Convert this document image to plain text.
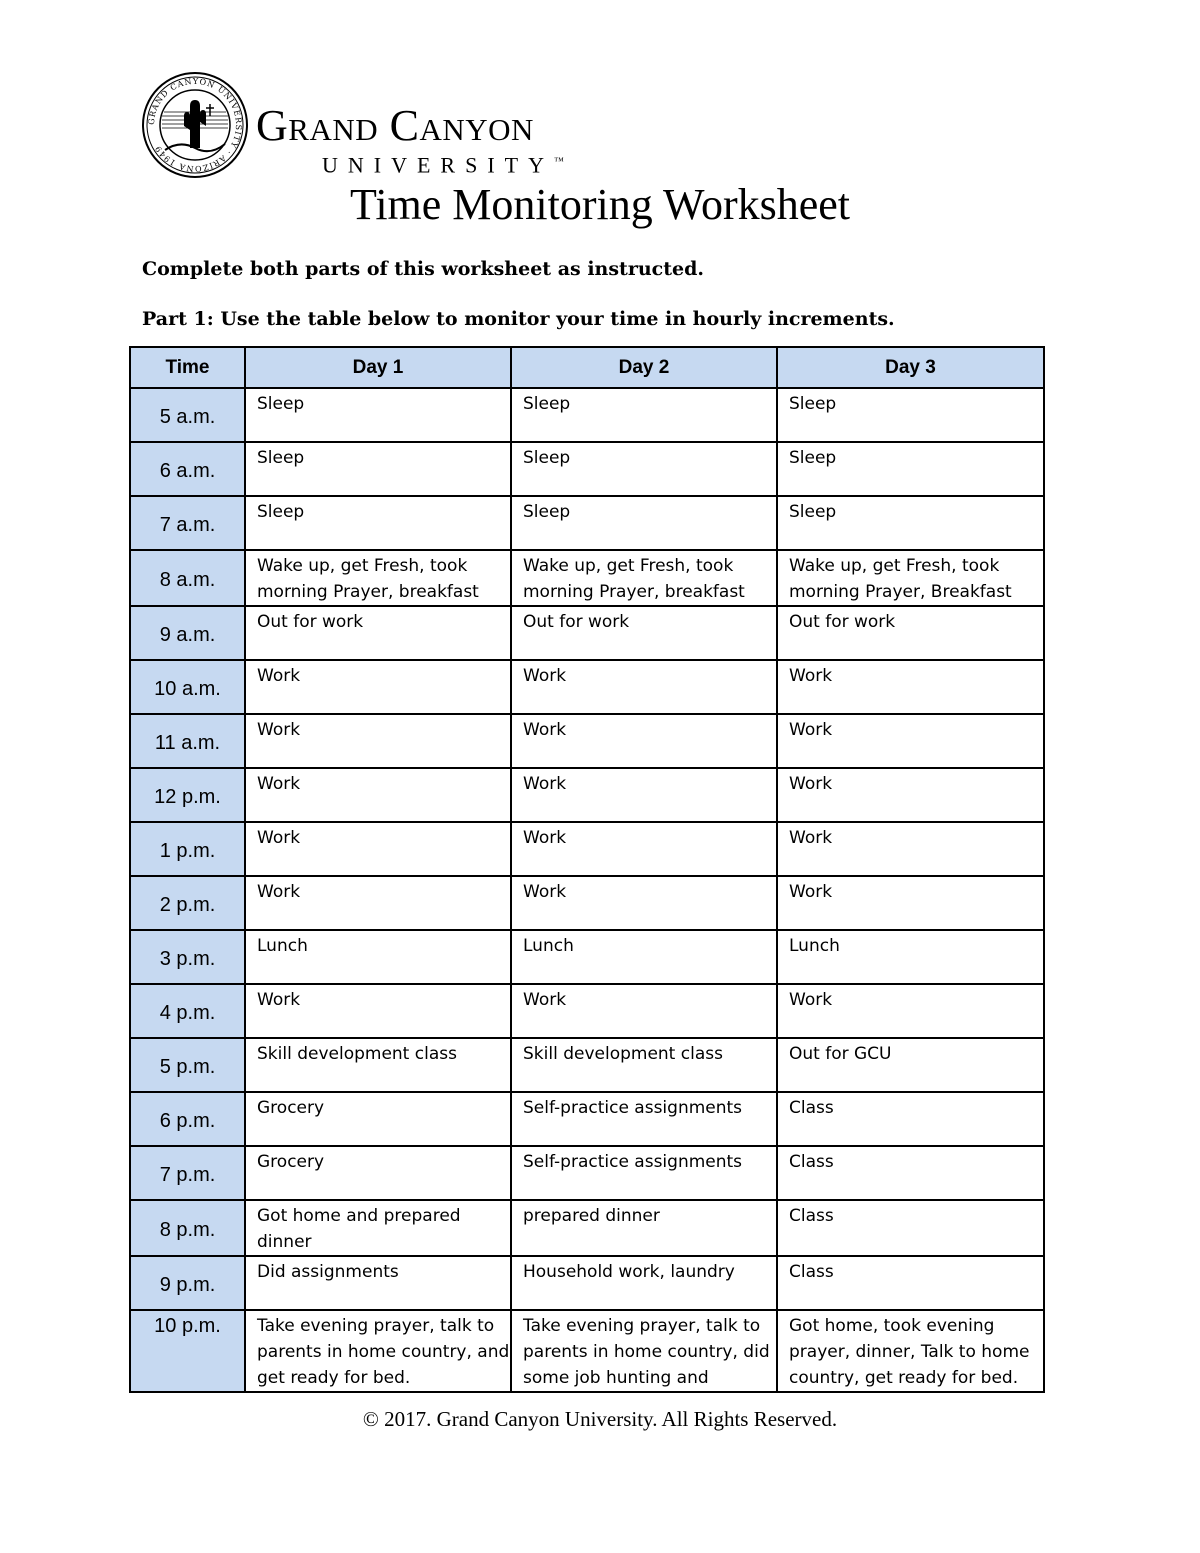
GRAND CANYON UNIVERSITY · ARIZONA 1949	Grand Canyon
UNIVERSITY™
Time Monitoring Worksheet
Complete both parts of this worksheet as instructed.
Part 1: Use the table below to monitor your time in hourly increments.
Time	Day 1	Day 2	Day 3
5 a.m.	Sleep	Sleep	Sleep
6 a.m.	Sleep	Sleep	Sleep
7 a.m.	Sleep	Sleep	Sleep
8 a.m.	Wake up, get Fresh, took morning Prayer, breakfast	Wake up, get Fresh, took morning Prayer, breakfast	Wake up, get Fresh, took morning Prayer, Breakfast
9 a.m.	Out for work	Out for work	Out for work
10 a.m.	Work	Work	Work
11 a.m.	Work	Work	Work
12 p.m.	Work	Work	Work
1 p.m.	Work	Work	Work
2 p.m.	Work	Work	Work
3 p.m.	Lunch	Lunch	Lunch
4 p.m.	Work	Work	Work
5 p.m.	Skill development class	Skill development class	Out for GCU
6 p.m.	Grocery	Self-practice assignments	Class
7 p.m.	Grocery	Self-practice assignments	Class
8 p.m.	Got home and prepared dinner	prepared dinner	Class
9 p.m.	Did assignments	Household work, laundry	Class
10 p.m.	Take evening prayer, talk to parents in home country, and get ready for bed.	Take evening prayer, talk to parents in home country, did some job hunting and	Got home, took evening prayer, dinner, Talk to home country, get ready for bed.
© 2017. Grand Canyon University. All Rights Reserved.
